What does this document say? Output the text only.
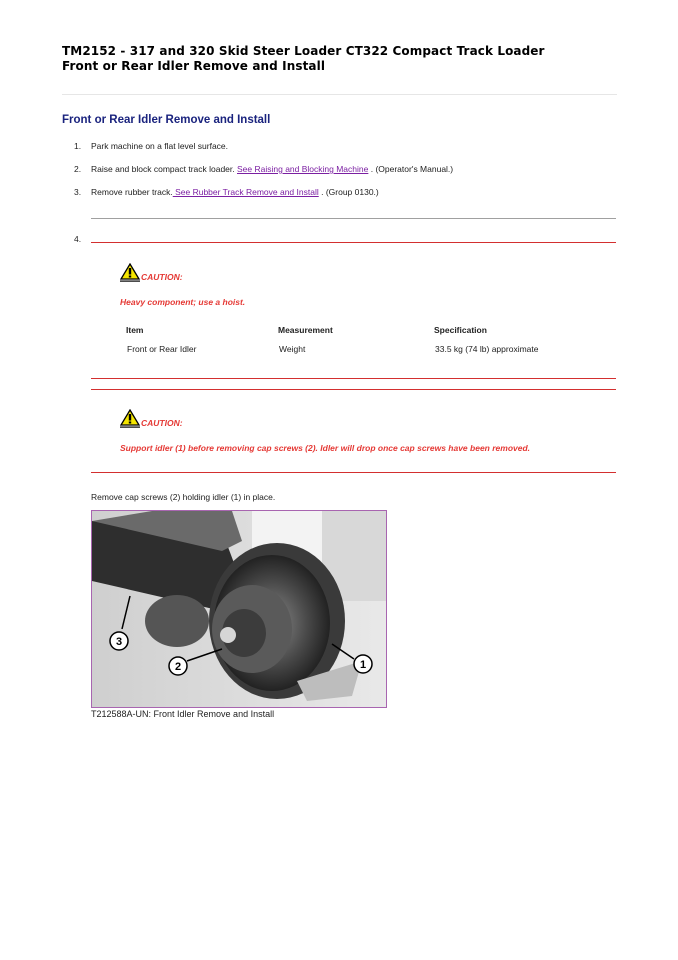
TM2152 - 317 and 320 Skid Steer Loader CT322 Compact Track Loader
Front or Rear Idler Remove and Install
Front or Rear Idler Remove and Install
1. Park machine on a flat level surface.
2. Raise and block compact track loader. See Raising and Blocking Machine . (Operator's Manual.)
3. Remove rubber track. See Rubber Track Remove and Install . (Group 0130.)
4.
CAUTION:
Heavy component; use a hoist.
Item	Measurement	Specification
Front or Rear Idler	Weight	33.5 kg (74 lb) approximate
CAUTION:
Support idler (1) before removing cap screws (2). Idler will drop once cap screws have been removed.
Remove cap screws (2) holding idler (1) in place.
3
2	1
T212588A-UN: Front Idler Remove and Install
